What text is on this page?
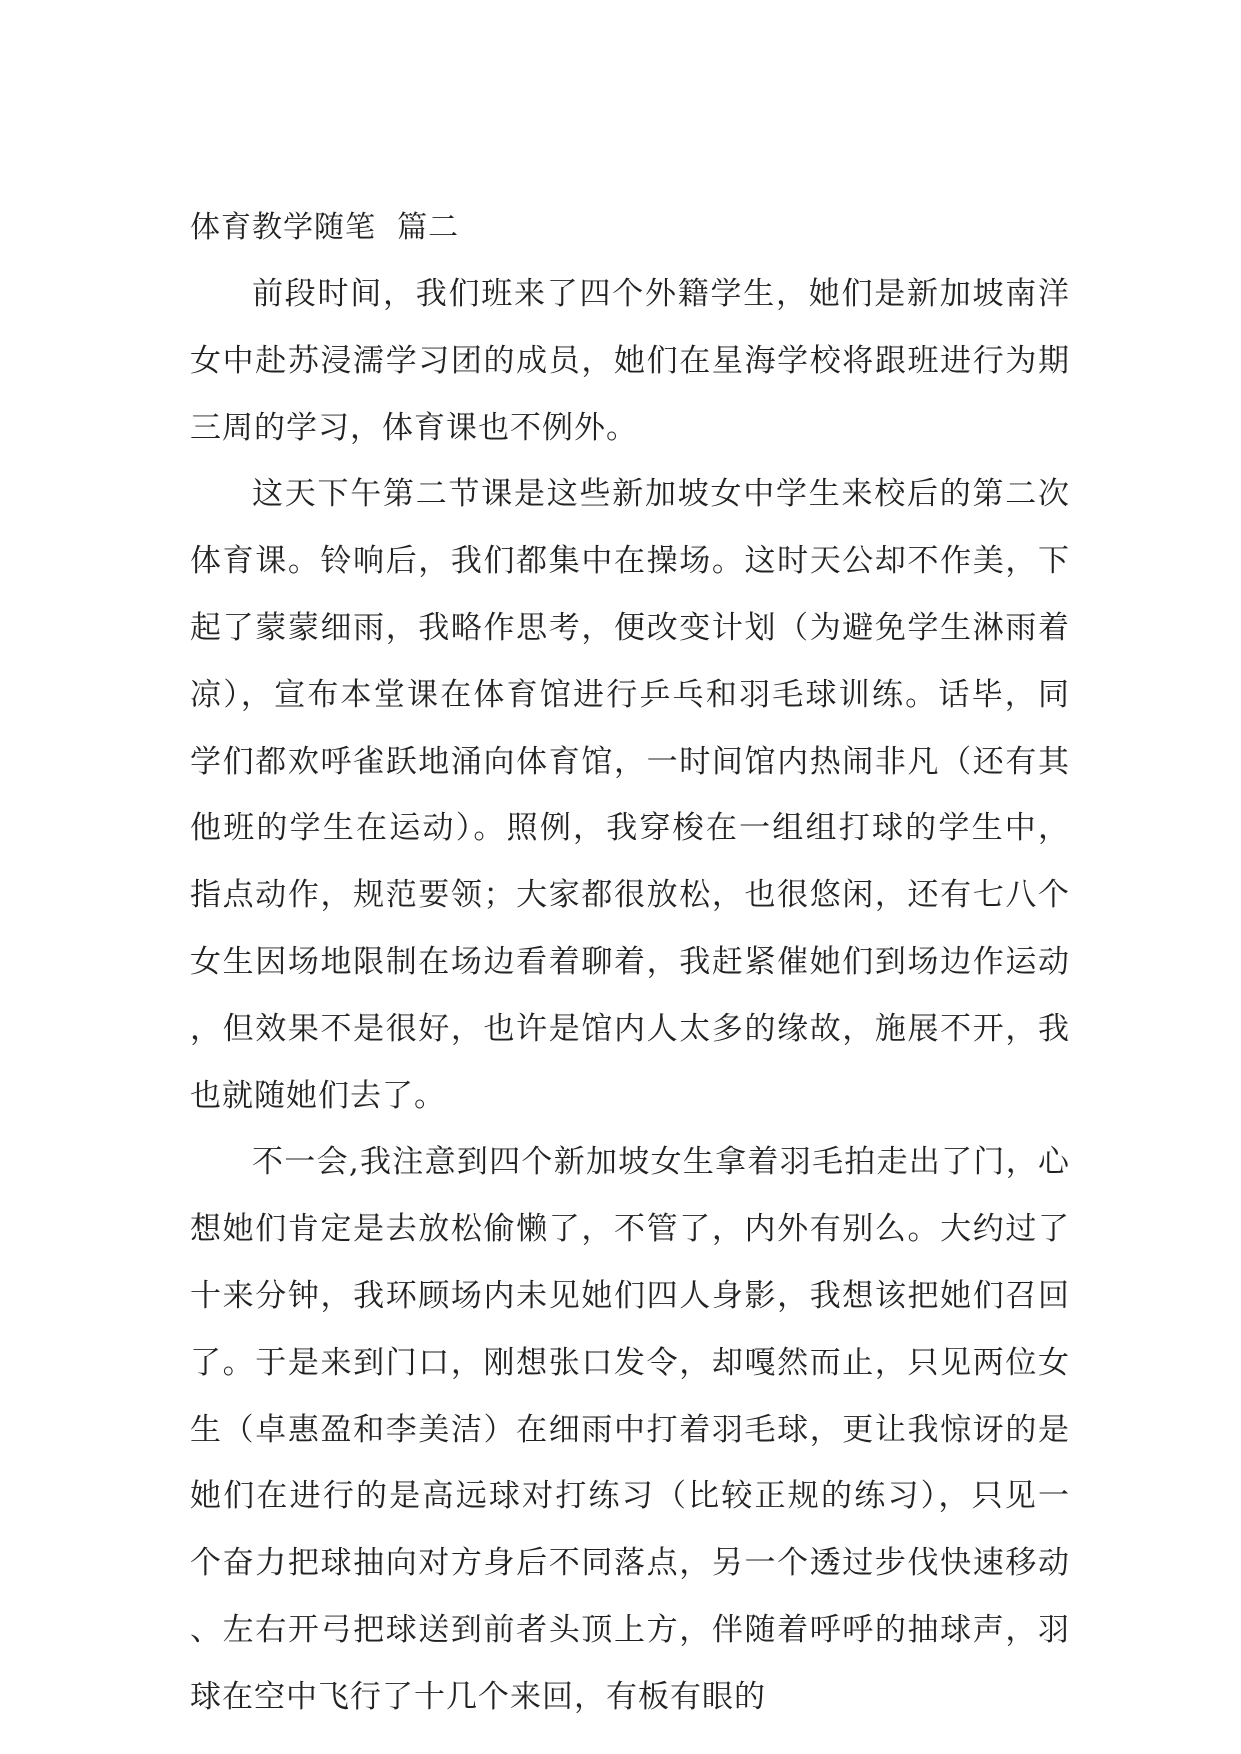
体育教学随笔  篇二

前段时间，我们班来了四个外籍学生，她们是新加坡南洋女中赴苏浸濡学习团的成员，她们在星海学校将跟班进行为期三周的学习，体育课也不例外。

这天下午第二节课是这些新加坡女中学生来校后的第二次体育课。铃响后，我们都集中在操场。这时天公却不作美，下起了蒙蒙细雨，我略作思考，便改变计划（为避免学生淋雨着凉），宣布本堂课在体育馆进行乒乓和羽毛球训练。话毕，同学们都欢呼雀跃地涌向体育馆，一时间馆内热闹非凡（还有其他班的学生在运动）。照例，我穿梭在一组组打球的学生中，指点动作，规范要领；大家都很放松，也很悠闲，还有七八个女生因场地限制在场边看着聊着，我赶紧催她们到场边作运动，但效果不是很好，也许是馆内人太多的缘故，施展不开，我也就随她们去了。

不一会,我注意到四个新加坡女生拿着羽毛拍走出了门，心想她们肯定是去放松偷懒了，不管了，内外有别么。大约过了十来分钟，我环顾场内未见她们四人身影，我想该把她们召回了。于是来到门口，刚想张口发令，却嘎然而止，只见两位女生（卓惠盈和李美洁）在细雨中打着羽毛球，更让我惊讶的是她们在进行的是高远球对打练习（比较正规的练习），只见一个奋力把球抽向对方身后不同落点，另一个透过步伐快速移动、左右开弓把球送到前者头顶上方，伴随着呼呼的抽球声，羽球在空中飞行了十几个来回，有板有眼的
